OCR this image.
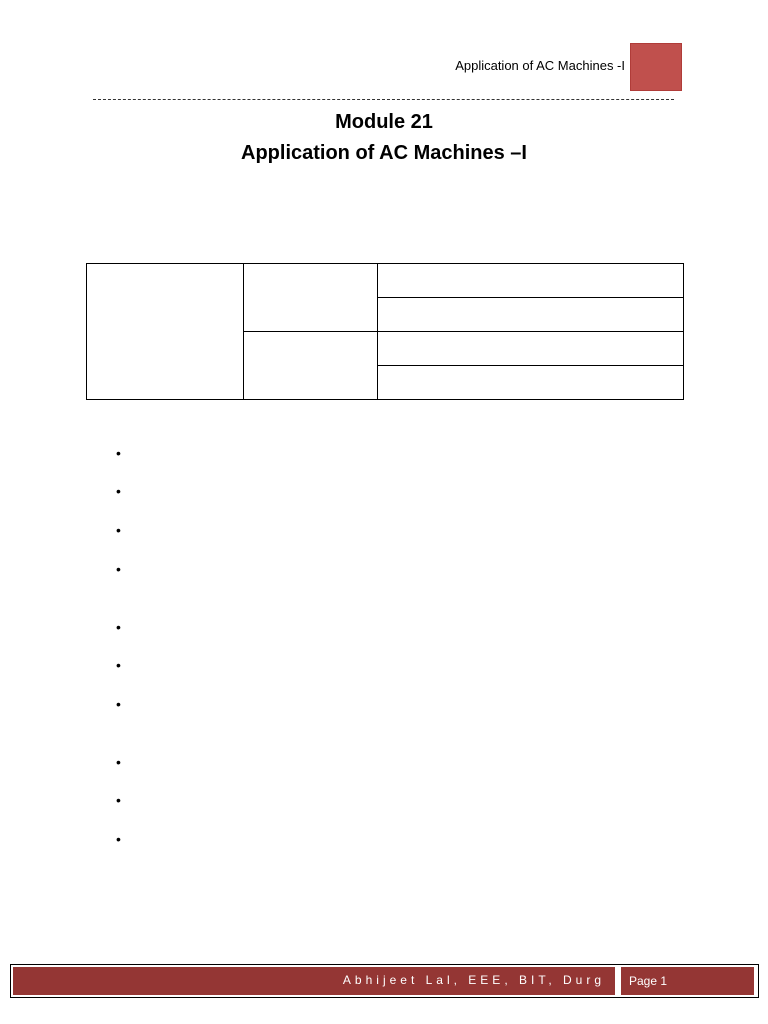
Application of AC Machines -I
Module 21
Application of AC Machines –I

•
•
•
•
•
•
•
•
•
•
Abhijeet Lal, EEE, BIT, Durg Page 1
